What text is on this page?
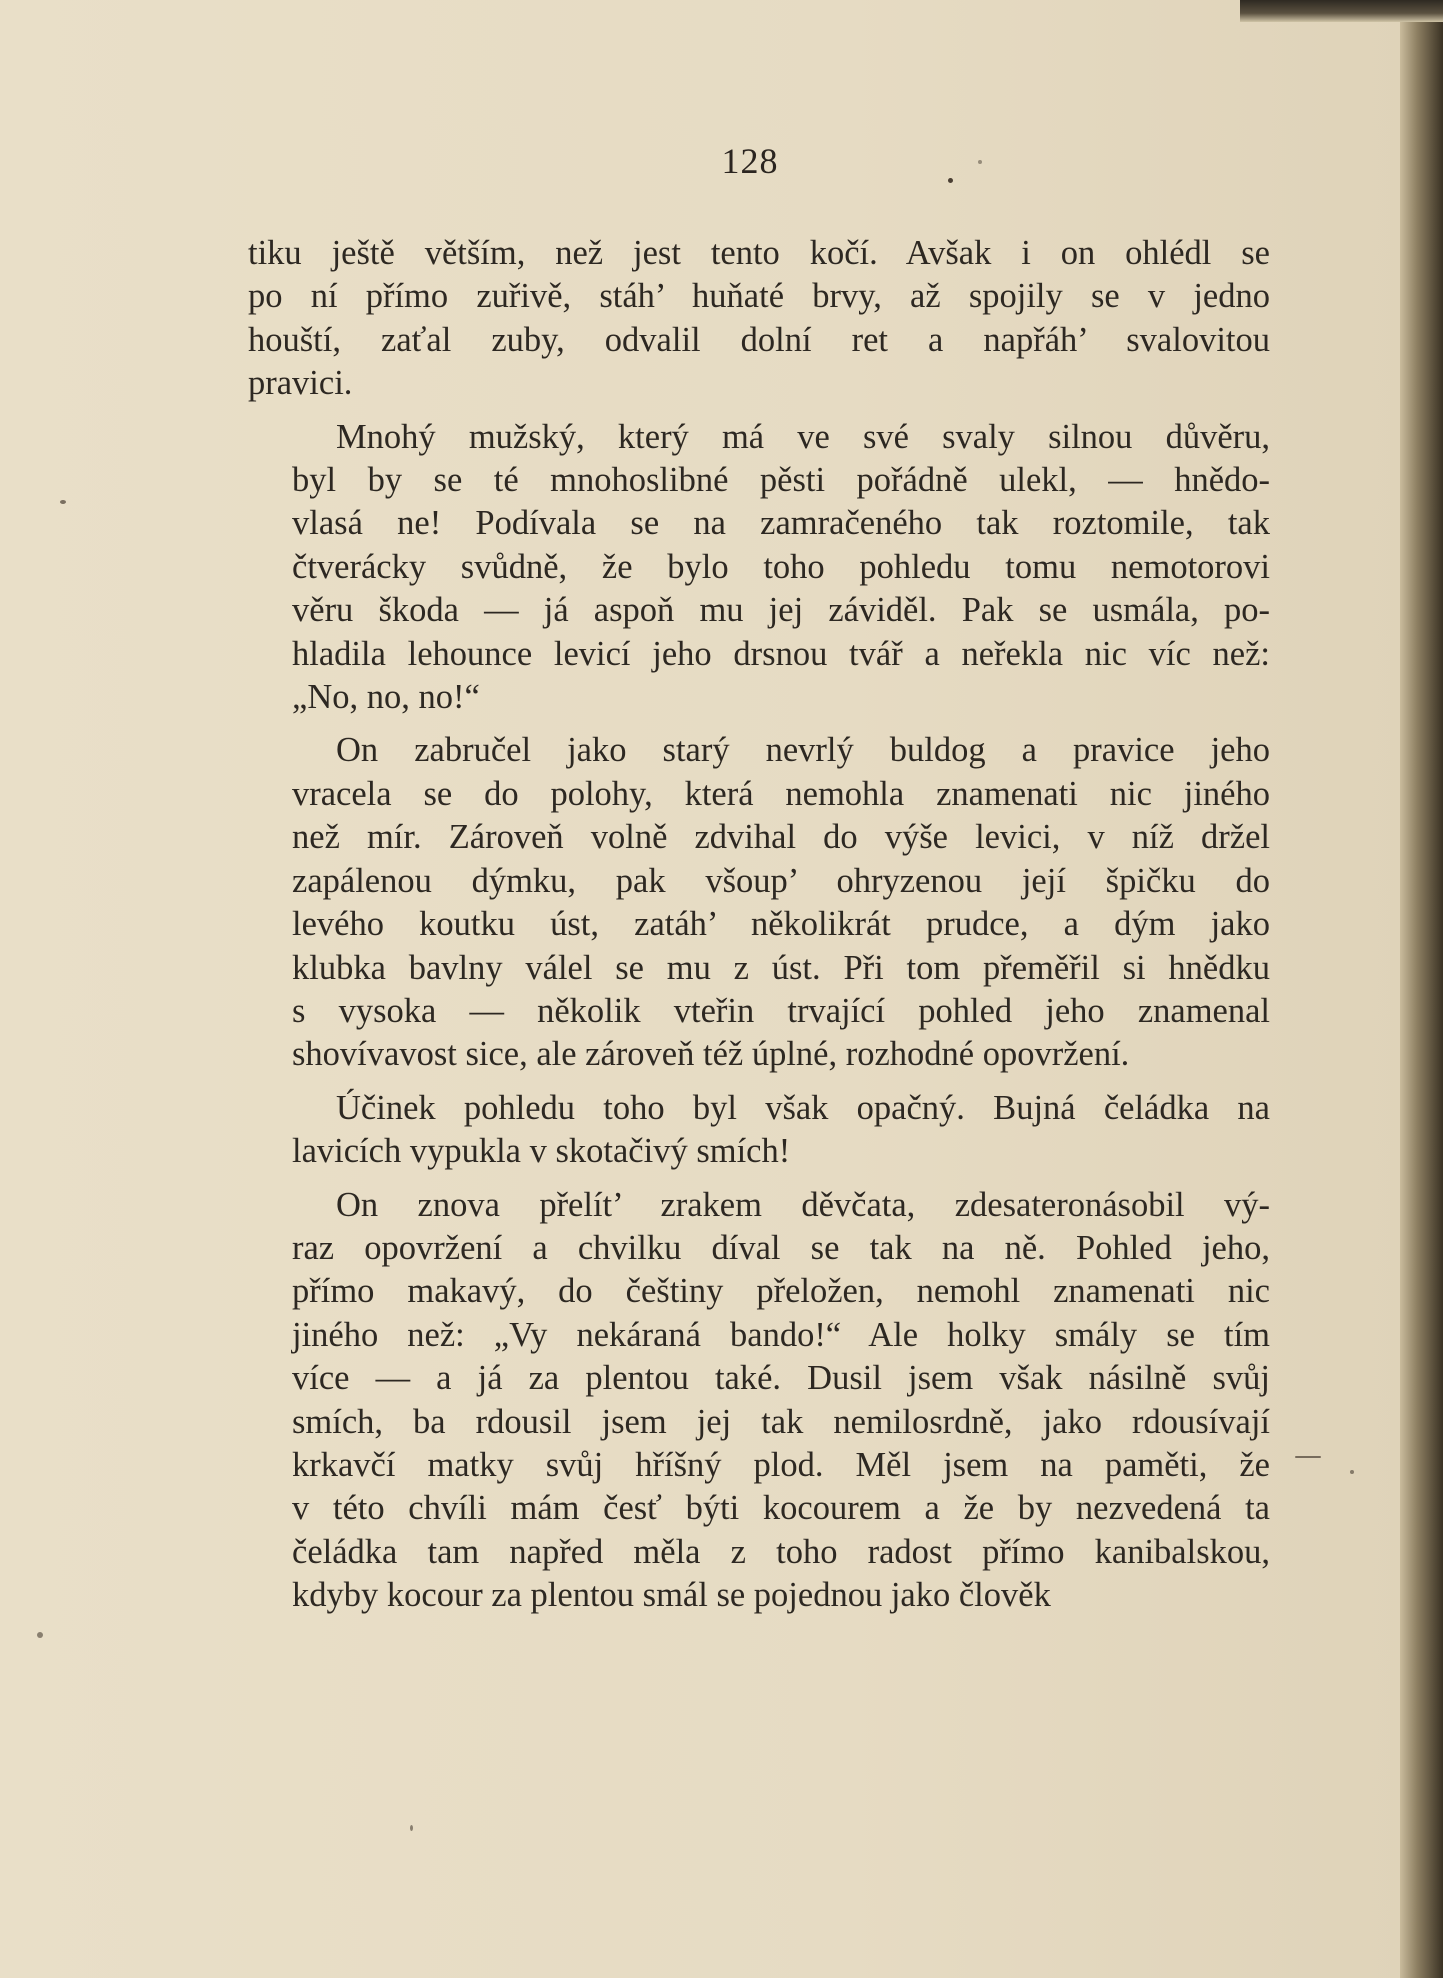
128
tiku ještě větším, než jest tento kočí. Avšak i on ohlédl se
po ní přímo zuřivě, stáh’ huňaté brvy, až spojily se v jedno
houští, zaťal zuby, odvalil dolní ret a napřáh’ svalovitou
pravici.
Mnohý mužský, který má ve své svaly silnou důvěru,
byl by se té mnohoslibné pěsti pořádně ulekl, — hnědo-
vlasá ne! Podívala se na zamračeného tak roztomile, tak
čtverácky svůdně, že bylo toho pohledu tomu nemotorovi
věru škoda — já aspoň mu jej záviděl. Pak se usmála, po-
hladila lehounce levicí jeho drsnou tvář a neřekla nic víc než:
„No, no, no!“
On zabručel jako starý nevrlý buldog a pravice jeho
vracela se do polohy, která nemohla znamenati nic jiného
než mír. Zároveň volně zdvihal do výše levici, v níž držel
zapálenou dýmku, pak všoup’ ohryzenou její špičku do
levého koutku úst, zatáh’ několikrát prudce, a dým jako
klubka bavlny válel se mu z úst. Při tom přeměřil si hnědku
s vysoka — několik vteřin trvající pohled jeho znamenal
shovívavost sice, ale zároveň též úplné, rozhodné opovržení.
Účinek pohledu toho byl však opačný. Bujná čeládka na
lavicích vypukla v skotačivý smích!
On znova přelít’ zrakem děvčata, zdesateronásobil vý-
raz opovržení a chvilku díval se tak na ně. Pohled jeho,
přímo makavý, do češtiny přeložen, nemohl znamenati nic
jiného než: „Vy nekáraná bando!“ Ale holky smály se tím
více — a já za plentou také. Dusil jsem však násilně svůj
smích, ba rdousil jsem jej tak nemilosrdně, jako rdousívají
krkavčí matky svůj hříšný plod. Měl jsem na paměti, že
v této chvíli mám česť býti kocourem a že by nezvedená ta
čeládka tam napřed měla z toho radost přímo kanibalskou,
kdyby kocour za plentou smál se pojednou jako člověk
